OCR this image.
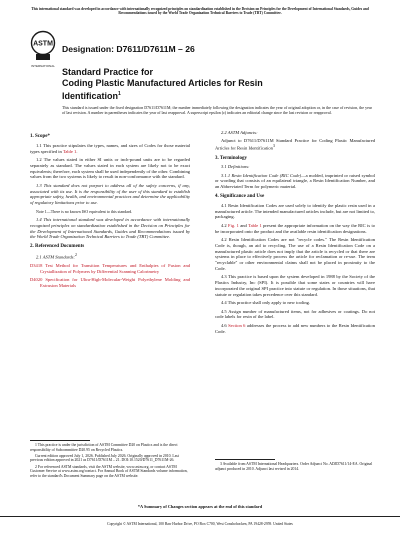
This international standard was developed in accordance with internationally recognized principles on standardization established in the Decision on Principles for the Development of International Standards, Guides and Recommendations issued by the World Trade Organization Technical Barriers to Trade (TBT) Committee.
ASTM
INTERNATIONAL
Designation: D7611/D7611M – 26
Standard Practice for
Coding Plastic Manufactured Articles for Resin
Identification$^1$
This standard is issued under the fixed designation D7611/D7611M; the number immediately following the designation indicates the year of original adoption or, in the case of revision, the year of last revision. A number in parentheses indicates the year of last reapproval. A superscript epsilon (ε) indicates an editorial change since the last revision or reapproval.
1. Scope*

1.1 This practice stipulates the types, names, and sizes of Codes for those material types specified in Table 1.

1.2 The values stated in either SI units or inch-pound units are to be regarded separately as standard. The values stated in each system are likely not to be exact equivalents; therefore, each system shall be used independently of the other. Combining values from the two systems is likely to result in non-conformance with the standard.

1.3 This standard does not purport to address all of the safety concerns, if any, associated with its use. It is the responsibility of the user of this standard to establish appropriate safety, health, and environmental practices and determine the applicability of regulatory limitations prior to use.

Note 1—There is no known ISO equivalent to this standard.

1.4 This international standard was developed in accordance with internationally recognized principles on standardization established in the Decision on Principles for the Development of International Standards, Guides and Recommendations issued by the World Trade Organization Technical Barriers to Trade (TBT) Committee.

2. Referenced Documents

2.1 ASTM Standards:$^2$

D3418 Test Method for Transition Temperatures and Enthalpies of Fusion and Crystallization of Polymers by Differential Scanning Calorimetry

D4020 Specification for Ultra-High-Molecular-Weight Polyethylene Molding and Extrusion Materials

1 This practice is under the jurisdiction of ASTM Committee D20 on Plastics and is the direct responsibility of Subcommittee D20.95 on Recycled Plastics.

Current edition approved July 1, 2026. Published July 2026. Originally approved in 2010. Last previous edition approved in 2021 as D7611/D7611M – 21. DOI:10.1520/D7611_D7611M-26.

2 For referenced ASTM standards, visit the ASTM website, www.astm.org, or contact ASTM Customer Service at www.astm.org/contact. For Annual Book of ASTM Standards volume information, refer to the standard's Document Summary page on the ASTM website.

2.2 ASTM Adjuncts:

Adjunct to D7611/D7611M Standard Practice for Coding Plastic Manufactured Articles for Resin Identification$^3$

3. Terminology

3.1 Definitions:

3.1.1 Resin Identification Code (RIC Code)—a molded, imprinted or raised symbol or wording that consists of an equilateral triangle, a Resin Identification Number, and an Abbreviated Term for polymeric material.

4. Significance and Use

4.1 Resin Identification Codes are used solely to identify the plastic resin used in a manufactured article. The intended manufactured articles include, but are not limited to, packaging.

4.2 Fig. 1 and Table 1 present the appropriate information on the way the RIC is to be incorporated onto the product and the available resin identification designations.

4.2 Resin Identification Codes are not "recycle codes." The Resin Identification Code is, though, an aid to recycling. The use of a Resin Identification Code on a manufactured plastic article does not imply that the article is recycled or that there are systems in place to effectively process the article for reclamation or re-use. The term "recyclable" or other environmental claims shall not be placed in proximity to the Code.

4.3 This practice is based upon the system developed in 1988 by the Society of the Plastics Industry, Inc (SPI). It is possible that some states or countries will have incorporated the original SPI practice into statute or regulation. In those situations, that statute or regulation takes precedence over this standard.

4.4 This practice shall only apply to new tooling.

4.5 Assign number of manufactured items, not for adhesives or coatings. Do not code labels for resin of the label.

4.6 Section 6 addresses the process to add new numbers to the Resin Identification Code.

3 Available from ASTM International Headquarters. Order Adjunct No. ADJD7611/14-EA. Original adjunct produced in 2010. Adjunct last revised in 2014.

*A Summary of Changes section appears at the end of this standard
Copyright © ASTM International, 100 Barr Harbor Drive, PO Box C700, West Conshohocken, PA 19428-2959. United States
